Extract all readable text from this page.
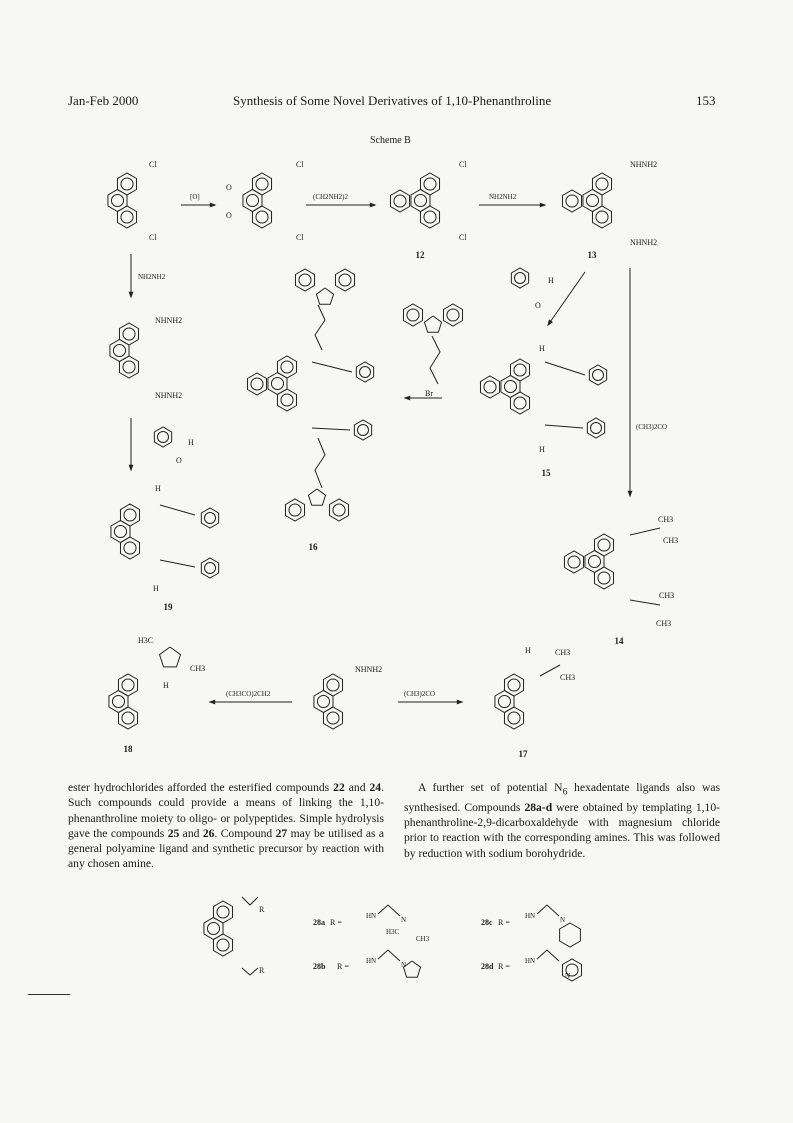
Jan-Feb 2000	Synthesis of Some Novel Derivatives of 1,10-Phenanthroline	153
Scheme B
Cl
Cl
[O]
Cl
Cl
O
O
(CH2NH2)2
Cl
Cl
12
NH2NH2
NHNH2
NHNH2
13
NH2NH2
NHNH2
NHNH2
H
O
H
H
19
16
Br
H
O
(CH3)2CO
H
H
15
CH3
CH3
CH3
CH3
14
H3C
CH3
H
18
(CH3CO)2CH2
NHNH2
(CH3)2CO
H	CH3
CH3
17
ester hydrochlorides afforded the esterified compounds 22 and 24. Such compounds could provide a means of linking the 1,10-phenanthroline moiety to oligo- or polypeptides. Simple hydrolysis gave the compounds 25 and 26. Compound 27 may be utilised as a general polyamine ligand and synthetic precursor by reaction with any chosen amine.
A further set of potential $N_6$ hexadentate ligands also was synthesised. Compounds 28a-d were obtained by templating 1,10-phenanthroline-2,9-dicarboxaldehyde with magnesium chloride prior to reaction with the corresponding amines. This was followed by reduction with sodium borohydride.
R
R
28a R =
HN	N
H3C
CH3
28b R =
HN	N
28c R =
HN	N
28d R =
HN
N
